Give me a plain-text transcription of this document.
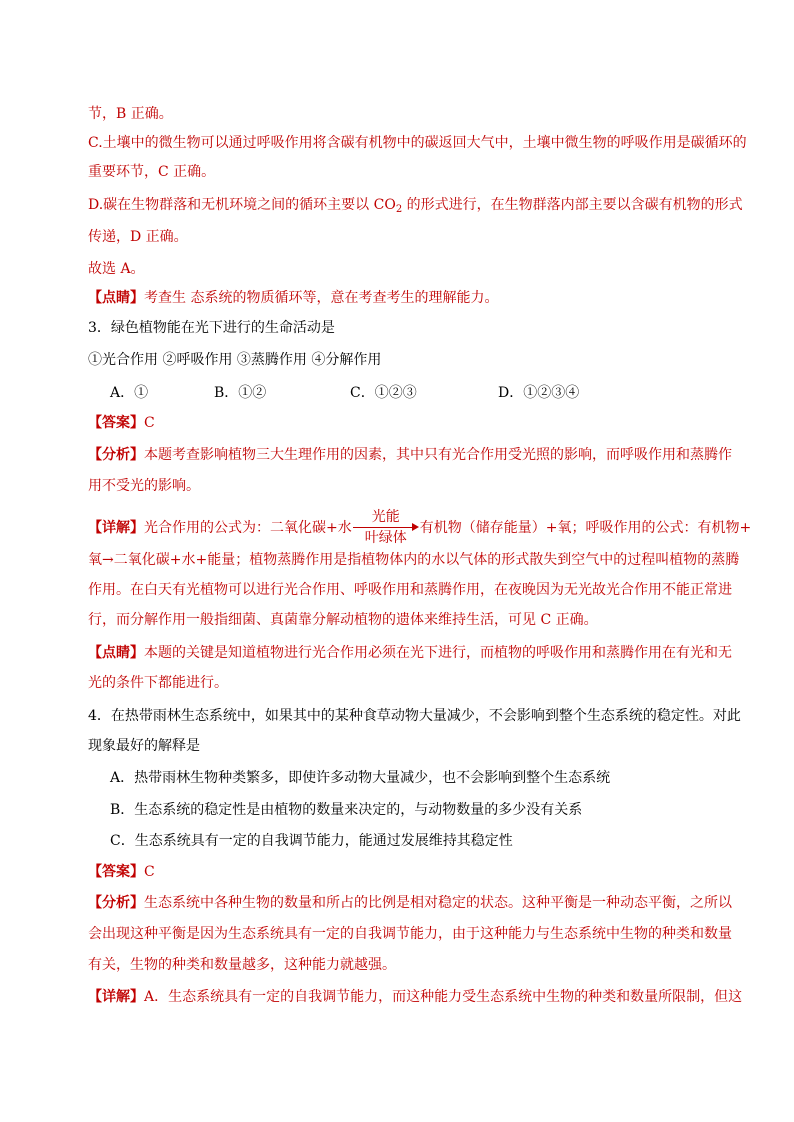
节，B 正确。
C.土壤中的微生物可以通过呼吸作用将含碳有机物中的碳返回大气中，土壤中微生物的呼吸作用是碳循环的
重要环节，C 正确。
D.碳在生物群落和无机环境之间的循环主要以 $CO_2$ 的形式进行，在生物群落内部主要以含碳有机物的形式
传递，D 正确。
故选 A。
【点睛】考查生 态系统的物质循环等，意在考查考生的理解能力。
3．绿色植物能在光下进行的生命活动是
①光合作用 ②呼吸作用 ③蒸腾作用 ④分解作用
A．①	B．①②	C．①②③	D．①②③④
【答案】C
【分析】本题考查影响植物三大生理作用的因素，其中只有光合作用受光照的影响，而呼吸作用和蒸腾作
用不受光的影响。
【详解】光合作用的公式为：二氧化碳+水
光能
叶绿体
有机物（储存能量）+氧；呼吸作用的公式：有机物+
氧→二氧化碳+水+能量；植物蒸腾作用是指植物体内的水以气体的形式散失到空气中的过程叫植物的蒸腾
作用。在白天有光植物可以进行光合作用、呼吸作用和蒸腾作用，在夜晚因为无光故光合作用不能正常进
行，而分解作用一般指细菌、真菌靠分解动植物的遗体来维持生活，可见 C 正确。
【点睛】本题的关键是知道植物进行光合作用必须在光下进行，而植物的呼吸作用和蒸腾作用在有光和无
光的条件下都能进行。
4．在热带雨林生态系统中，如果其中的某种食草动物大量减少，不会影响到整个生态系统的稳定性。对此
现象最好的解释是
A．热带雨林生物种类繁多，即使许多动物大量减少，也不会影响到整个生态系统
B．生态系统的稳定性是由植物的数量来决定的，与动物数量的多少没有关系
C．生态系统具有一定的自我调节能力，能通过发展维持其稳定性
【答案】C
【分析】生态系统中各种生物的数量和所占的比例是相对稳定的状态。这种平衡是一种动态平衡，之所以
会出现这种平衡是因为生态系统具有一定的自我调节能力，由于这种能力与生态系统中生物的种类和数量
有关，生物的种类和数量越多，这种能力就越强。
【详解】A．生态系统具有一定的自我调节能力，而这种能力受生态系统中生物的种类和数量所限制，但这
